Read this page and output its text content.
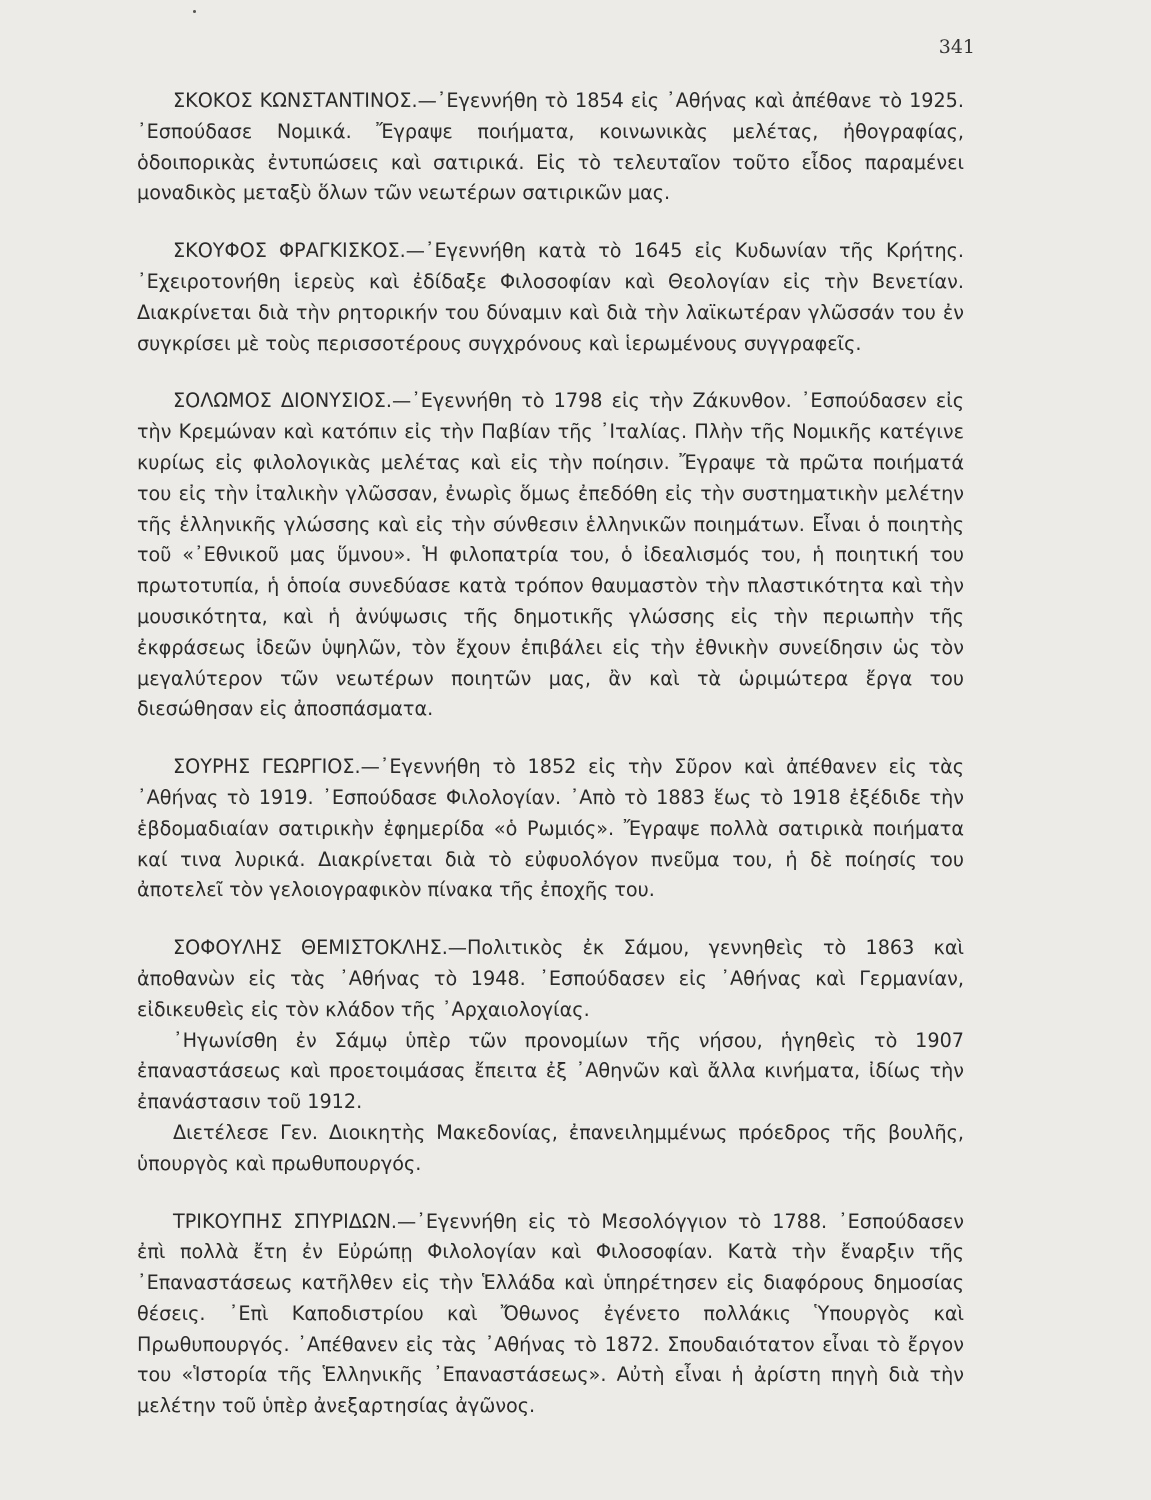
341

ΣΚΟΚΟΣ ΚΩΝΣΤΑΝΤΙΝΟΣ.—᾿Εγεννήθη τὸ 1854 εἰς ᾿Αθήνας καὶ ἀπέθανε τὸ 1925. ᾿Εσπούδασε Νομικά. Ἔγραψε ποιήματα, κοινωνικὰς μελέτας, ἠθογραφίας, ὁδοιπορικὰς ἐντυπώσεις καὶ σατιρικά. Εἰς τὸ τελευταῖον τοῦτο εἶδος παραμένει μοναδικὸς μεταξὺ ὅλων τῶν νεωτέρων σατιρικῶν μας.

ΣΚΟΥΦΟΣ ΦΡΑΓΚΙΣΚΟΣ.—᾿Εγεννήθη κατὰ τὸ 1645 εἰς Κυδωνίαν τῆς Κρήτης. ᾿Εχειροτονήθη ἱερεὺς καὶ ἐδίδαξε Φιλοσοφίαν καὶ Θεολογίαν εἰς τὴν Βενετίαν. Διακρίνεται διὰ τὴν ρητορικήν του δύναμιν καὶ διὰ τὴν λαϊκωτέραν γλῶσσάν του ἐν συγκρίσει μὲ τοὺς περισσοτέρους συγχρόνους καὶ ἱερωμένους συγγραφεῖς.

ΣΟΛΩΜΟΣ ΔΙΟΝΥΣΙΟΣ.—᾿Εγεννήθη τὸ 1798 εἰς τὴν Ζάκυνθον. ᾿Εσπούδασεν εἰς τὴν Κρεμώναν καὶ κατόπιν εἰς τὴν Παβίαν τῆς ᾿Ιταλίας. Πλὴν τῆς Νομικῆς κατέγινε κυρίως εἰς φιλολογικὰς μελέτας καὶ εἰς τὴν ποίησιν. Ἔγραψε τὰ πρῶτα ποιήματά του εἰς τὴν ἰταλικὴν γλῶσσαν, ἐνωρὶς ὅμως ἐπεδόθη εἰς τὴν συστηματικὴν μελέτην τῆς ἑλληνικῆς γλώσσης καὶ εἰς τὴν σύνθεσιν ἑλληνικῶν ποιημάτων. Εἶναι ὁ ποιητὴς τοῦ «᾿Εθνικοῦ μας ὕμνου». Ἡ φιλοπατρία του, ὁ ἰδεαλισμός του, ἡ ποιητική του πρωτοτυπία, ἡ ὁποία συνεδύασε κατὰ τρόπον θαυμαστὸν τὴν πλαστικότητα καὶ τὴν μουσικότητα, καὶ ἡ ἀνύψωσις τῆς δημοτικῆς γλώσσης εἰς τὴν περιωπὴν τῆς ἐκφράσεως ἰδεῶν ὑψηλῶν, τὸν ἔχουν ἐπιβάλει εἰς τὴν ἐθνικὴν συνείδησιν ὡς τὸν μεγαλύτερον τῶν νεωτέρων ποιητῶν μας, ἂν καὶ τὰ ὡριμώτερα ἔργα του διεσώθησαν εἰς ἀποσπάσματα.

ΣΟΥΡΗΣ ΓΕΩΡΓΙΟΣ.—᾿Εγεννήθη τὸ 1852 εἰς τὴν Σῦρον καὶ ἀπέθανεν εἰς τὰς ᾿Αθήνας τὸ 1919. ᾿Εσπούδασε Φιλολογίαν. ᾿Απὸ τὸ 1883 ἕως τὸ 1918 ἐξέδιδε τὴν ἑβδομαδιαίαν σατιρικὴν ἐφημερίδα «ὁ Ρωμιός». Ἔγραψε πολλὰ σατιρικὰ ποιήματα καί τινα λυρικά. Διακρίνεται διὰ τὸ εὐφυολόγον πνεῦμα του, ἡ δὲ ποίησίς του ἀποτελεῖ τὸν γελοιογραφικὸν πίνακα τῆς ἐποχῆς του.

ΣΟΦΟΥΛΗΣ ΘΕΜΙΣΤΟΚΛΗΣ.—Πολιτικὸς ἐκ Σάμου, γεννηθεὶς τὸ 1863 καὶ ἀποθανὼν εἰς τὰς ᾿Αθήνας τὸ 1948. ᾿Εσπούδασεν εἰς ᾿Αθήνας καὶ Γερμανίαν, εἰδικευθεὶς εἰς τὸν κλάδον τῆς ᾿Αρχαιολογίας.

᾿Ηγωνίσθη ἐν Σάμῳ ὑπὲρ τῶν προνομίων τῆς νήσου, ἡγηθεὶς τὸ 1907 ἐπαναστάσεως καὶ προετοιμάσας ἔπειτα ἐξ ᾿Αθηνῶν καὶ ἄλλα κινήματα, ἰδίως τὴν ἐπανάστασιν τοῦ 1912.

Διετέλεσε Γεν. Διοικητὴς Μακεδονίας, ἐπανειλημμένως πρόεδρος τῆς βουλῆς, ὑπουργὸς καὶ πρωθυπουργός.

ΤΡΙΚΟΥΠΗΣ ΣΠΥΡΙΔΩΝ.—᾿Εγεννήθη εἰς τὸ Μεσολόγγιον τὸ 1788. ᾿Εσπούδασεν ἐπὶ πολλὰ ἔτη ἐν Εὐρώπῃ Φιλολογίαν καὶ Φιλοσοφίαν. Κατὰ τὴν ἔναρξιν τῆς ᾿Επαναστάσεως κατῆλθεν εἰς τὴν Ἑλλάδα καὶ ὑπηρέτησεν εἰς διαφόρους δημοσίας θέσεις. ᾿Επὶ Καποδιστρίου καὶ Ὄθωνος ἐγένετο πολλάκις Ὑπουργὸς καὶ Πρωθυπουργός. ᾿Απέθανεν εἰς τὰς ᾿Αθήνας τὸ 1872. Σπουδαιότατον εἶναι τὸ ἔργον του «Ἱστορία τῆς Ἑλληνικῆς ᾿Επαναστάσεως». Αὐτὴ εἶναι ἡ ἀρίστη πηγὴ διὰ τὴν μελέτην τοῦ ὑπὲρ ἀνεξαρτησίας ἀγῶνος.
